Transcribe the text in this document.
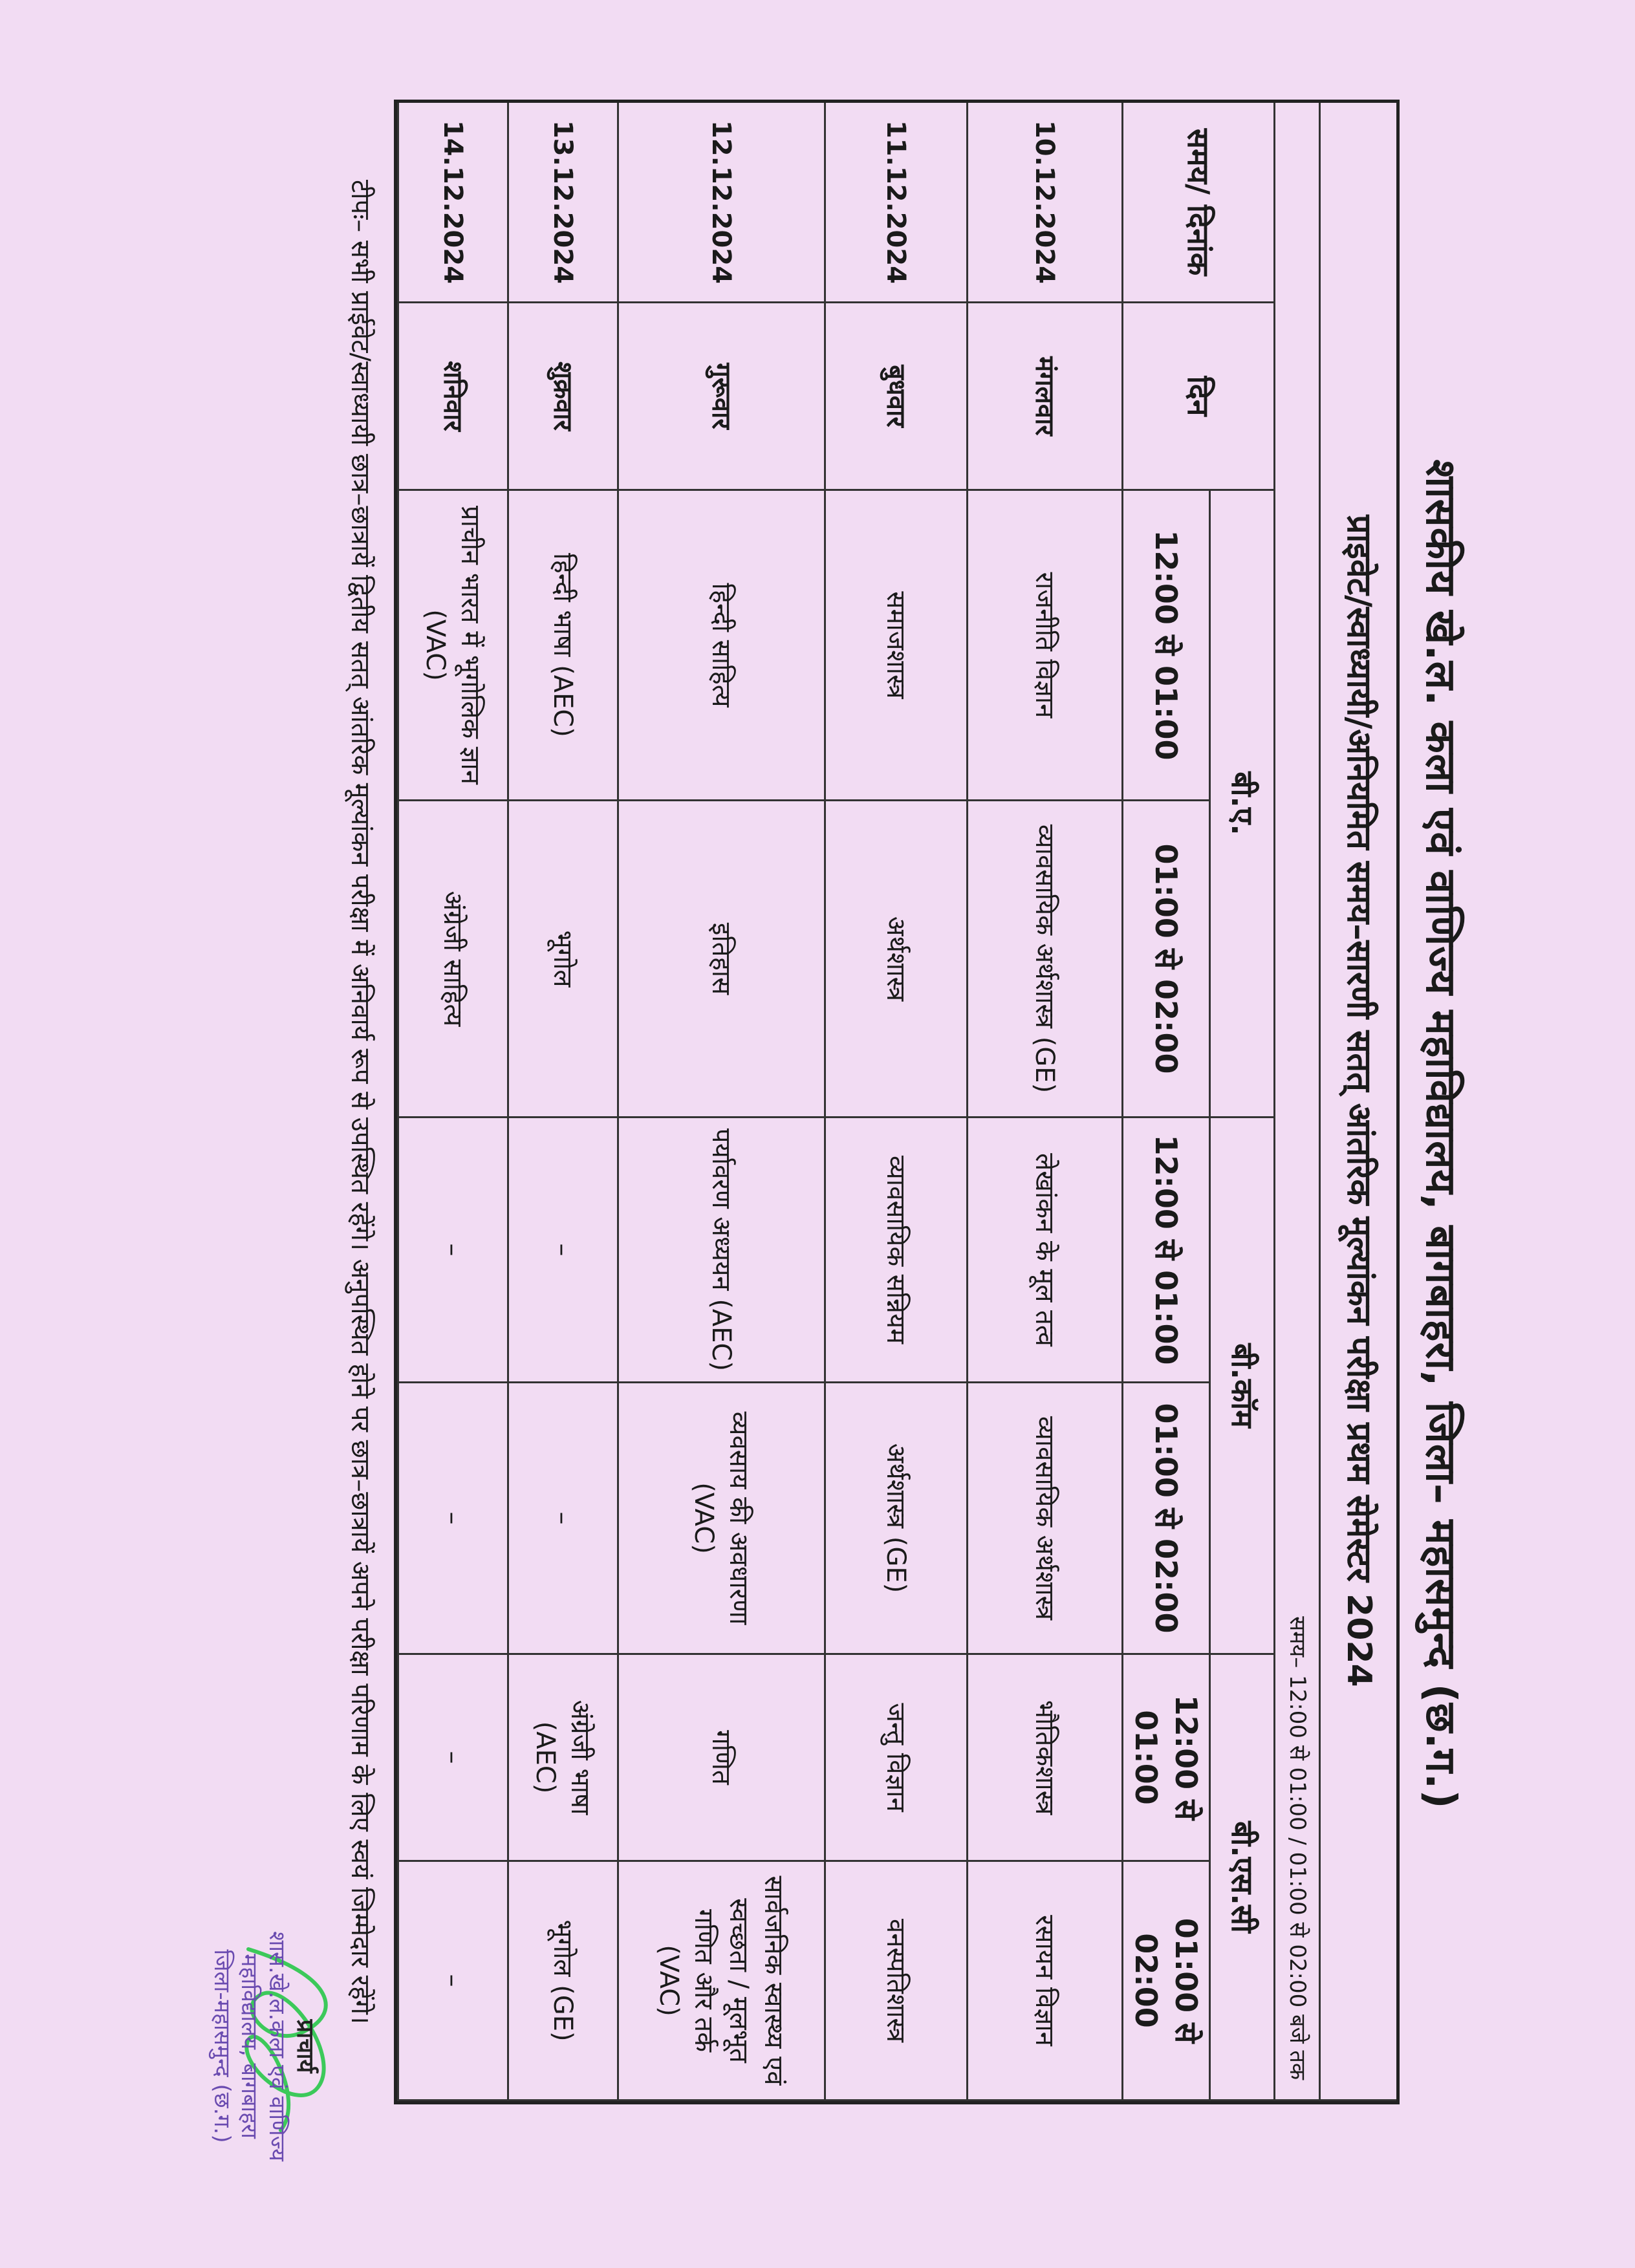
शासकीय खे.ल. कला एवं वाणिज्य महाविद्यालय, बागबाहरा, जिला– महासमुन्द (छ.ग.)
प्राइवेट/स्वाध्यायी/अनियमित समय–सारणी सतत् आंतरिक मूल्यांकन परीक्षा प्रथम सेमेस्टर 2024
समय– 12:00 से 01:00 / 01:00 से 02:00 बजे तक
समय/ दिनांक
दिन
बी.ए.
बी.कॉम
बी.एस.सी
12:00 से 01:00
01:00 से 02:00
12:00 से 01:00
01:00 से 02:00
12:00 से 01:00
01:00 से 02:00
10.12.2024
मंगलवार
राजनीति विज्ञान
व्यावसायिक अर्थशास्त्र (GE)
लेखांकन के मूल तत्व
व्यावसायिक अर्थशास्त्र
भौतिकशास्त्र
रसायन विज्ञान
11.12.2024
बुधवार
समाजशास्त्र
अर्थशास्त्र
व्यावसायिक सन्नियम
अर्थशास्त्र (GE)
जन्तु विज्ञान
वनस्पतिशास्त्र
12.12.2024
गुरूवार
हिन्दी साहित्य
इतिहास
पर्यावरण अध्ययन (AEC)
व्यवसाय की अवधारणा (VAC)
गणित
सार्वजनिक स्वास्थ्य एवं स्वच्छता / मूलभूत गणित और तर्क (VAC)
13.12.2024
शुक्रवार
हिन्दी भाषा (AEC)
भूगोल
–
–
अंग्रेजी भाषा (AEC)
भूगोल (GE)
14.12.2024
शनिवार
प्राचीन भारत में भूगोलिक ज्ञान (VAC)
अंग्रेजी साहित्य
–
–
–
–
टीपः– सभी प्राईवेट/स्वाध्यायी छात्र–छात्रायें द्वितीय सतत् आंतरिक मूल्यांकन परीक्षा में अनिवार्य रूप से उपस्थित रहेंगे। अनुपस्थित होने पर छात्र–छात्रायें अपने परीक्षा परिणाम के लिए स्वयं जिम्मेदार रहेंगे।
प्राचार्य
शास.खे.ल.कला एवं वाणिज्य
महाविद्यालय, बागबाहरा
जिला-महासमुन्द (छ.ग.)
